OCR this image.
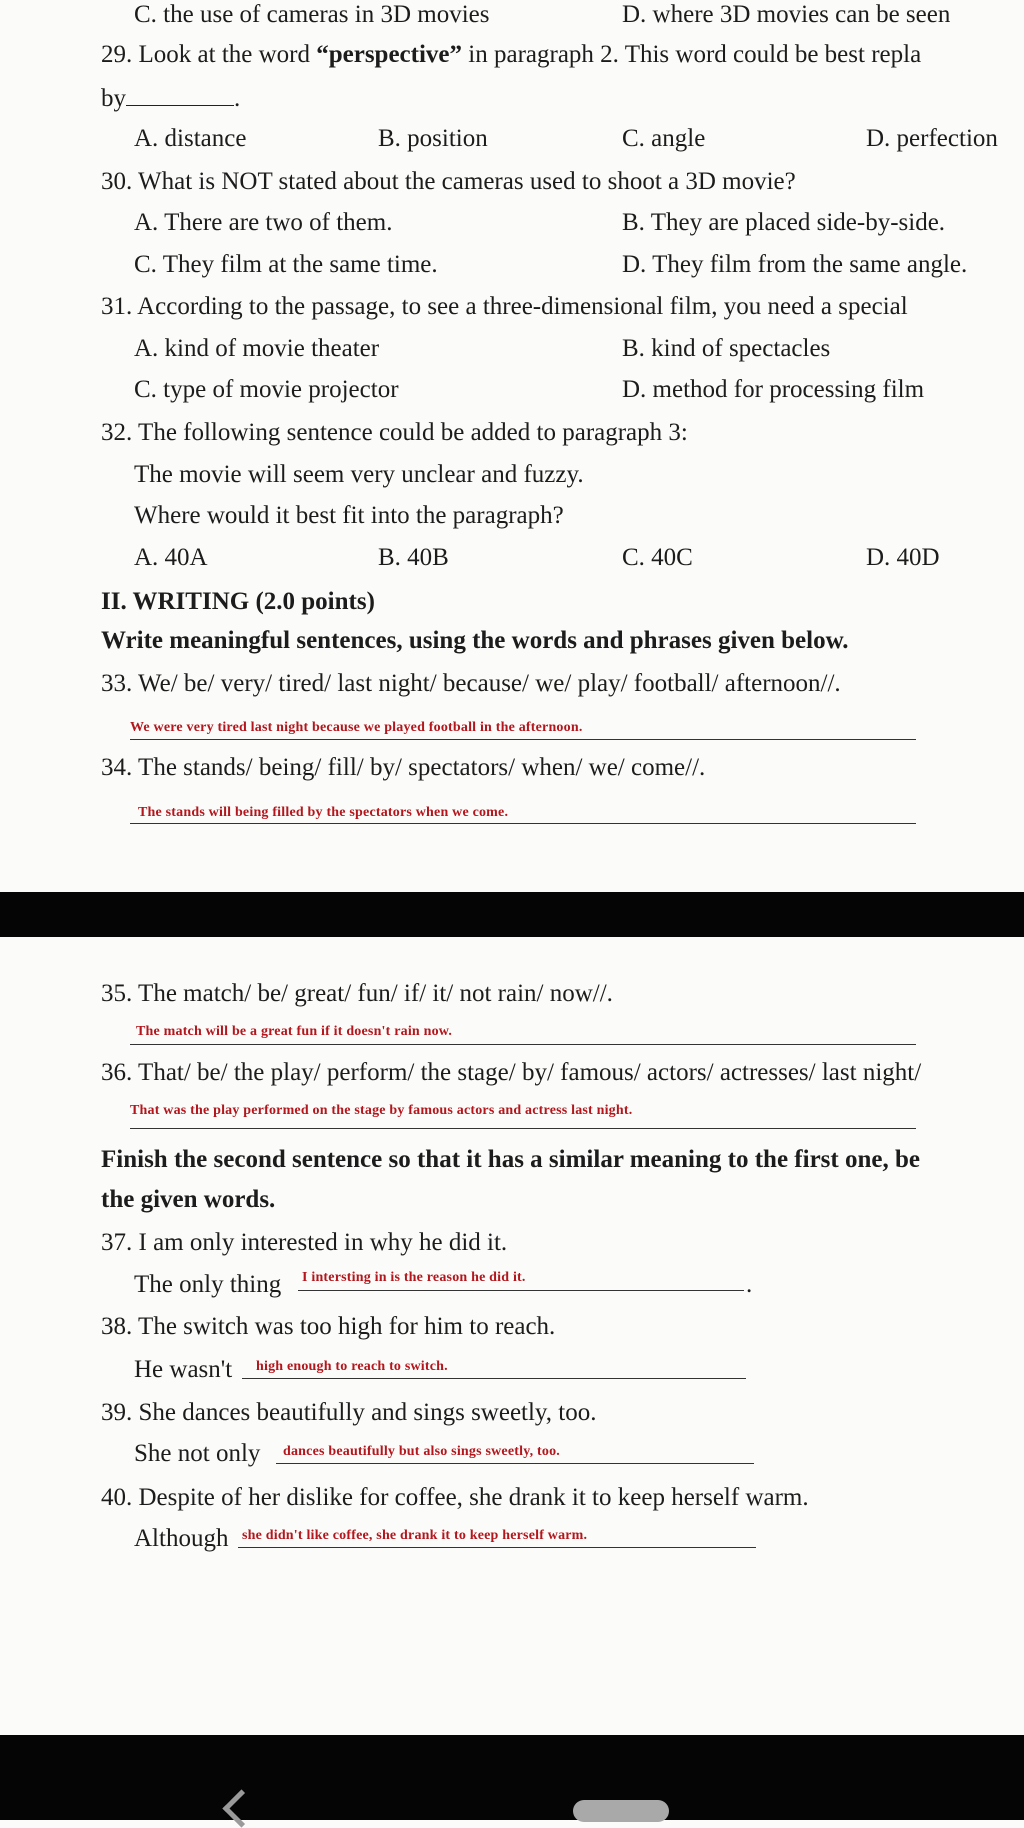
C. the use of cameras in 3D movies	D. where 3D movies can be seen
29. Look at the word “perspective” in paragraph 2. This word could be best repla
by	.
A. distance	B. position	C. angle	D. perfection
30. What is NOT stated about the cameras used to shoot a 3D movie?
A. There are two of them.	B. They are placed side-by-side.
C. They film at the same time.	D. They film from the same angle.
31. According to the passage, to see a three-dimensional film, you need a special
A. kind of movie theater	B. kind of spectacles
C. type of movie projector	D. method for processing film
32. The following sentence could be added to paragraph 3:
The movie will seem very unclear and fuzzy.
Where would it best fit into the paragraph?
A. 40A	B. 40B	C. 40C	D. 40D
II. WRITING (2.0 points)
Write meaningful sentences, using the words and phrases given below.
33. We/ be/ very/ tired/ last night/ because/ we/ play/ football/ afternoon//.
We were very tired last night because we played football in the afternoon.
34. The stands/ being/ fill/ by/ spectators/ when/ we/ come//.
The stands will being filled by the spectators when we come.
35. The match/ be/ great/ fun/ if/ it/ not rain/ now//.
The match will be a great fun if it doesn't rain now.
36. That/ be/ the play/ perform/ the stage/ by/ famous/ actors/ actresses/ last night/
That was the play performed on the stage by famous actors and actress last night.
Finish the second sentence so that it has a similar meaning to the first one, be
the given words.
37. I am only interested in why he did it.
The only thing I intersting in is the reason he did it.	.
38. The switch was too high for him to reach.
He wasn't high enough to reach to switch.
39. She dances beautifully and sings sweetly, too.
She not only dances beautifully but also sings sweetly, too.
40. Despite of her dislike for coffee, she drank it to keep herself warm.
Although she didn't like coffee, she drank it to keep herself warm.
